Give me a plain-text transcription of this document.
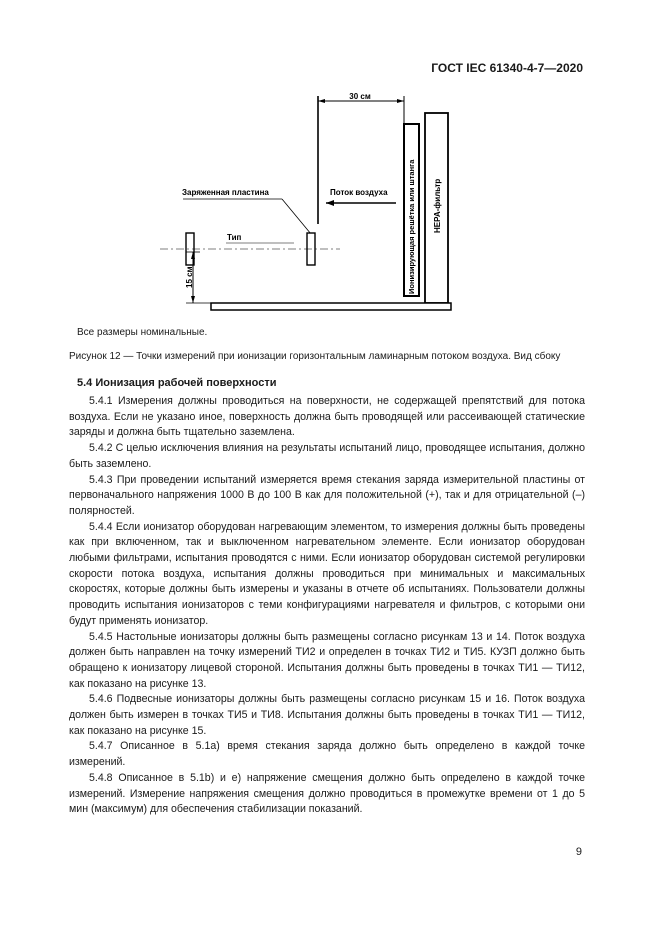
ГОСТ IEC 61340-4-7—2020
30 см
Ионизирующая решётка или штанга HEPA-фильтр
Поток воздуха
Заряженная пластина
Тип
15 см
Все размеры номинальные.
Рисунок 12 — Точки измерений при ионизации горизонтальным ламинарным потоком воздуха. Вид сбоку
5.4 Ионизация рабочей поверхности

5.4.1 Измерения должны проводиться на поверхности, не содержащей препятствий для потока воздуха. Если не указано иное, поверхность должна быть проводящей или рассеивающей статические заряды и должна быть тщательно заземлена.

5.4.2 С целью исключения влияния на результаты испытаний лицо, проводящее испытания, должно быть заземлено.

5.4.3 При проведении испытаний измеряется время стекания заряда измерительной пластины от первоначального напряжения 1000 В до 100 В как для положительной (+), так и для отрицательной (–) полярностей.

5.4.4 Если ионизатор оборудован нагревающим элементом, то измерения должны быть проведены как при включенном, так и выключенном нагревательном элементе. Если ионизатор оборудован любыми фильтрами, испытания проводятся с ними. Если ионизатор оборудован системой регулировки скорости потока воздуха, испытания должны проводиться при минимальных и максимальных скоростях, которые должны быть измерены и указаны в отчете об испытаниях. Пользователи должны проводить испытания ионизаторов с теми конфигурациями нагревателя и фильтров, с которыми они будут применять ионизатор.

5.4.5 Настольные ионизаторы должны быть размещены согласно рисункам 13 и 14. Поток воздуха должен быть направлен на точку измерений ТИ2 и определен в точках ТИ2 и ТИ5. КУЗП должно быть обращено к ионизатору лицевой стороной. Испытания должны быть проведены в точках ТИ1 — ТИ12, как показано на рисунке 13.

5.4.6 Подвесные ионизаторы должны быть размещены согласно рисункам 15 и 16. Поток воздуха должен быть измерен в точках ТИ5 и ТИ8. Испытания должны быть проведены в точках ТИ1 — ТИ12, как показано на рисунке 15.

5.4.7 Описанное в 5.1а) время стекания заряда должно быть определено в каждой точке измерений.

5.4.8 Описанное в 5.1b) и е) напряжение смещения должно быть определено в каждой точке измерений. Измерение напряжения смещения должно проводиться в промежутке времени от 1 до 5 мин (максимум) для обеспечения стабилизации показаний.

9
